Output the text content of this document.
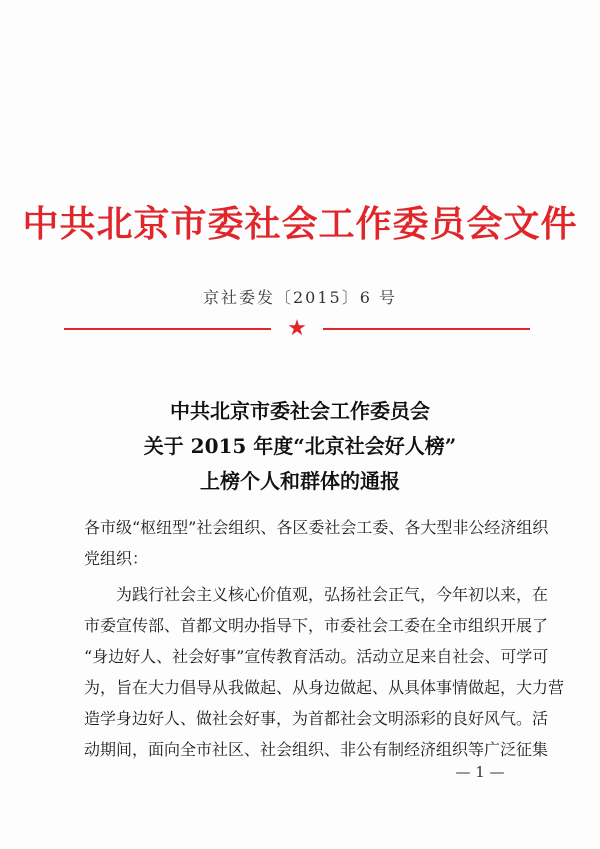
中共北京市委社会工作委员会文件
京社委发〔2015〕6 号
★
中共北京市委社会工作委员会
关于 2015 年度“北京社会好人榜”
上榜个人和群体的通报
各市级“枢纽型”社会组织、各区委社会工委、各大型非公经济组织
党组织：
为践行社会主义核心价值观，弘扬社会正气，今年初以来，在
市委宣传部、首都文明办指导下，市委社会工委在全市组织开展了
“身边好人、社会好事”宣传教育活动。活动立足来自社会、可学可
为，旨在大力倡导从我做起、从身边做起、从具体事情做起，大力营
造学身边好人、做社会好事，为首都社会文明添彩的良好风气。活
动期间，面向全市社区、社会组织、非公有制经济组织等广泛征集
— 1 —
